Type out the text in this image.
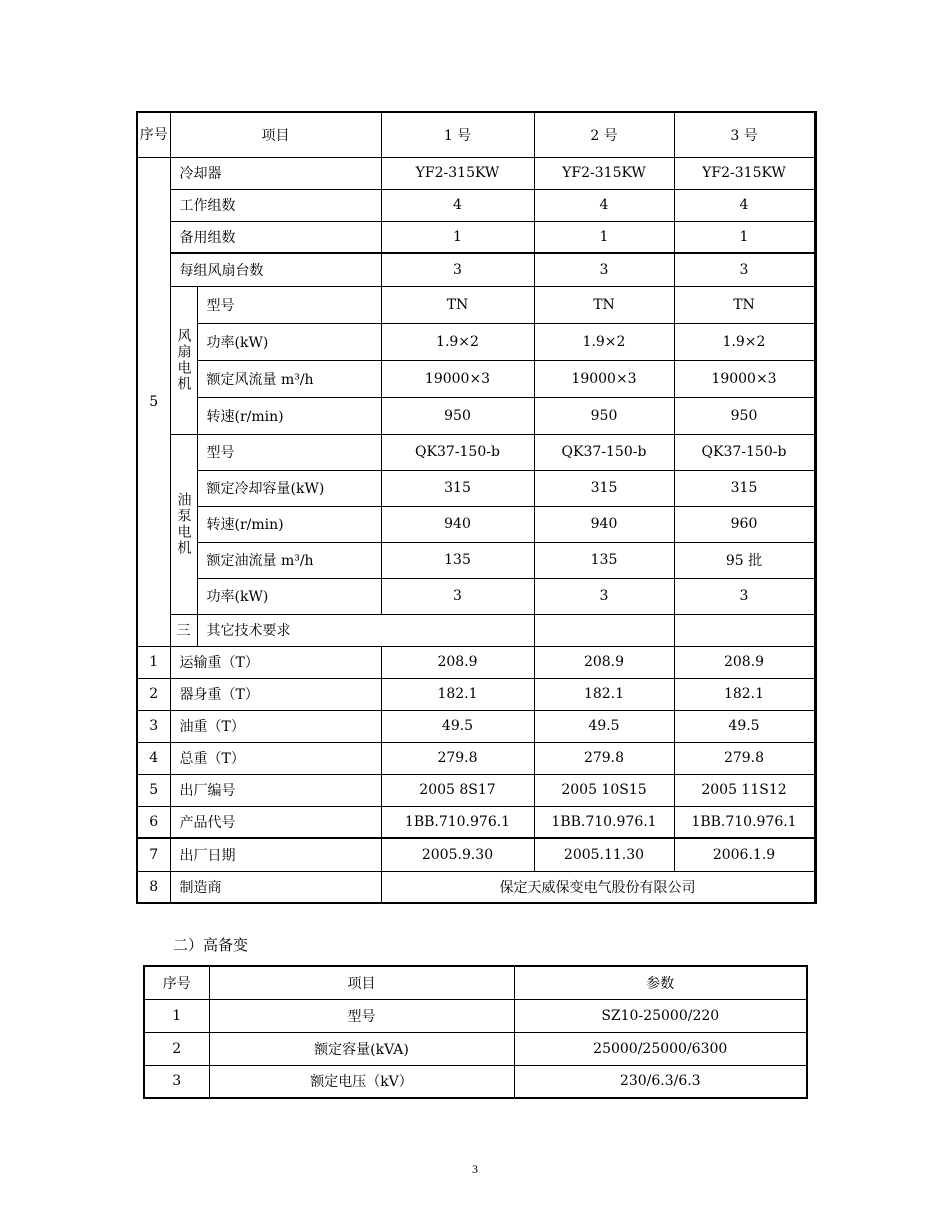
序号	项目		1 号	2 号	3 号	
5	冷却器		YF2-315KW	YF2-315KW	YF2-315KW	
	工作组数		4	4	4	
	备用组数		1	1	1	
	每组风扇台数		3	3	3	
	风扇电机	型号	TN	TN	TN	
		功率(kW)	1.9×2	1.9×2	1.9×2	
		额定风流量 m³/h	19000×3	19000×3	19000×3	
		转速(r/min)	950	950	950	
	油泵电机	型号	QK37-150-b	QK37-150-b	QK37-150-b	
		额定冷却容量(kW)	315	315	315	
		转速(r/min)	940	940	960	
		额定油流量 m³/h	135	135	95 批	
		功率(kW)	3	3	3	
	三	其它技术要求				
1	运输重（T）		208.9	208.9	208.9	
2	器身重（T）		182.1	182.1	182.1	
3	油重（T）		49.5	49.5	49.5	
4	总重（T）		279.8	279.8	279.8	
5	出厂编号		2005 8S17	2005 10S15	2005 11S12	
6	产品代号		1BB.710.976.1	1BB.710.976.1	1BB.710.976.1	
7	出厂日期		2005.9.30	2005.11.30	2006.1.9	
8	制造商		保定天威保变电气股份有限公司			
二）高备变
序号	项目	参数
1	型号	SZ10-25000/220
2	额定容量(kVA)	25000/25000/6300
3	额定电压（kV）	230/6.3/6.3
3
